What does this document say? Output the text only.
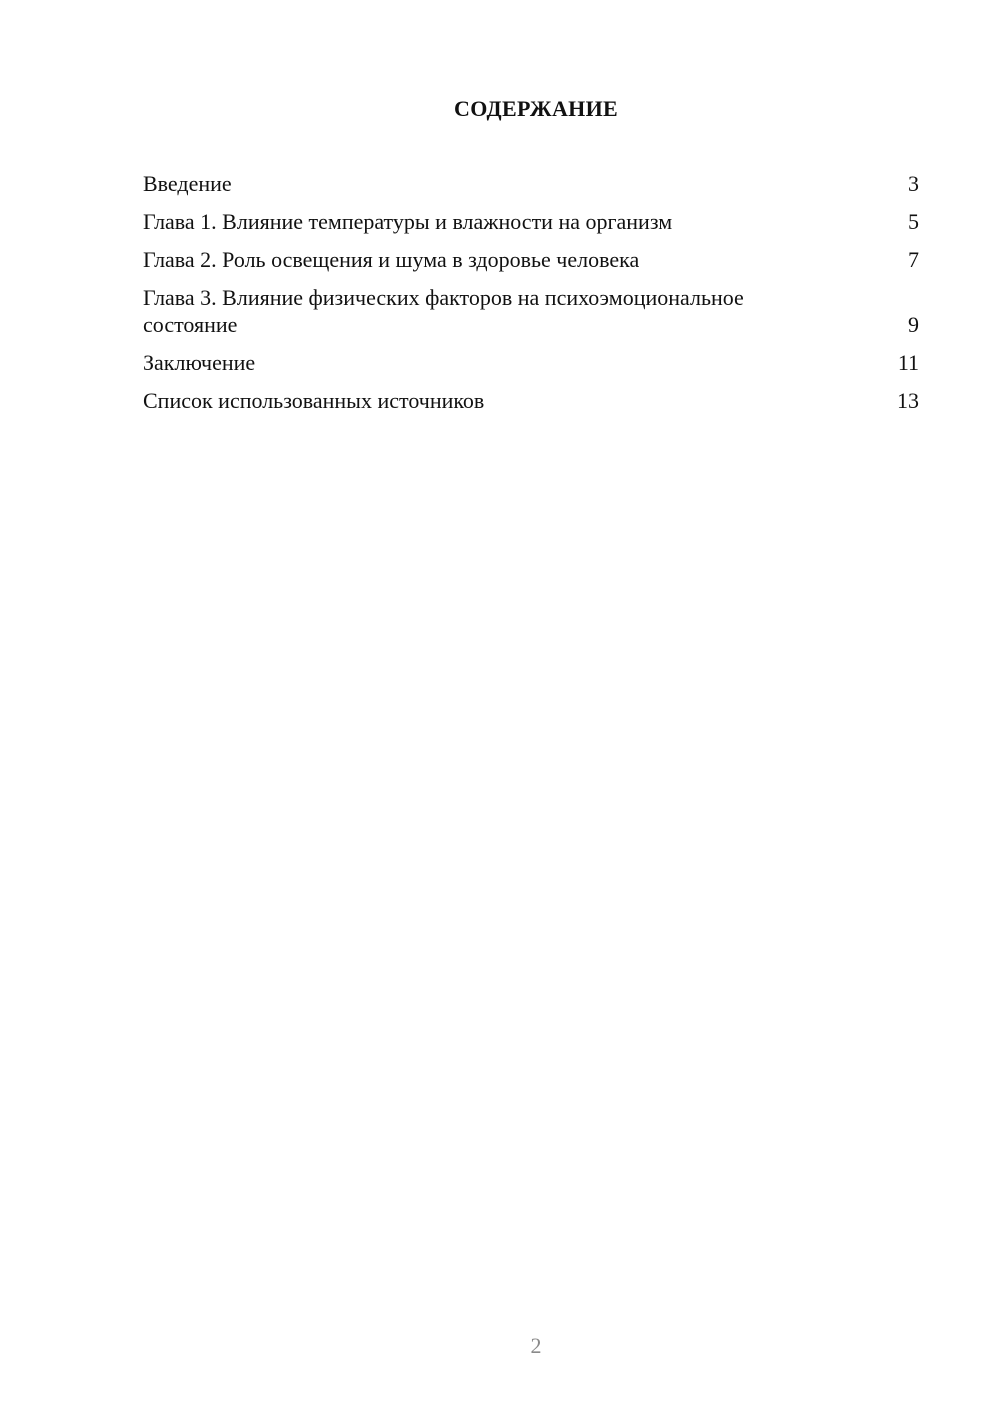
СОДЕРЖАНИЕ
Введение	3
Глава 1. Влияние температуры и влажности на организм	5
Глава 2. Роль освещения и шума в здоровье человека	7
Глава 3. Влияние физических факторов на психоэмоциональное состояние	9
Заключение	11
Список использованных источников	13
2
